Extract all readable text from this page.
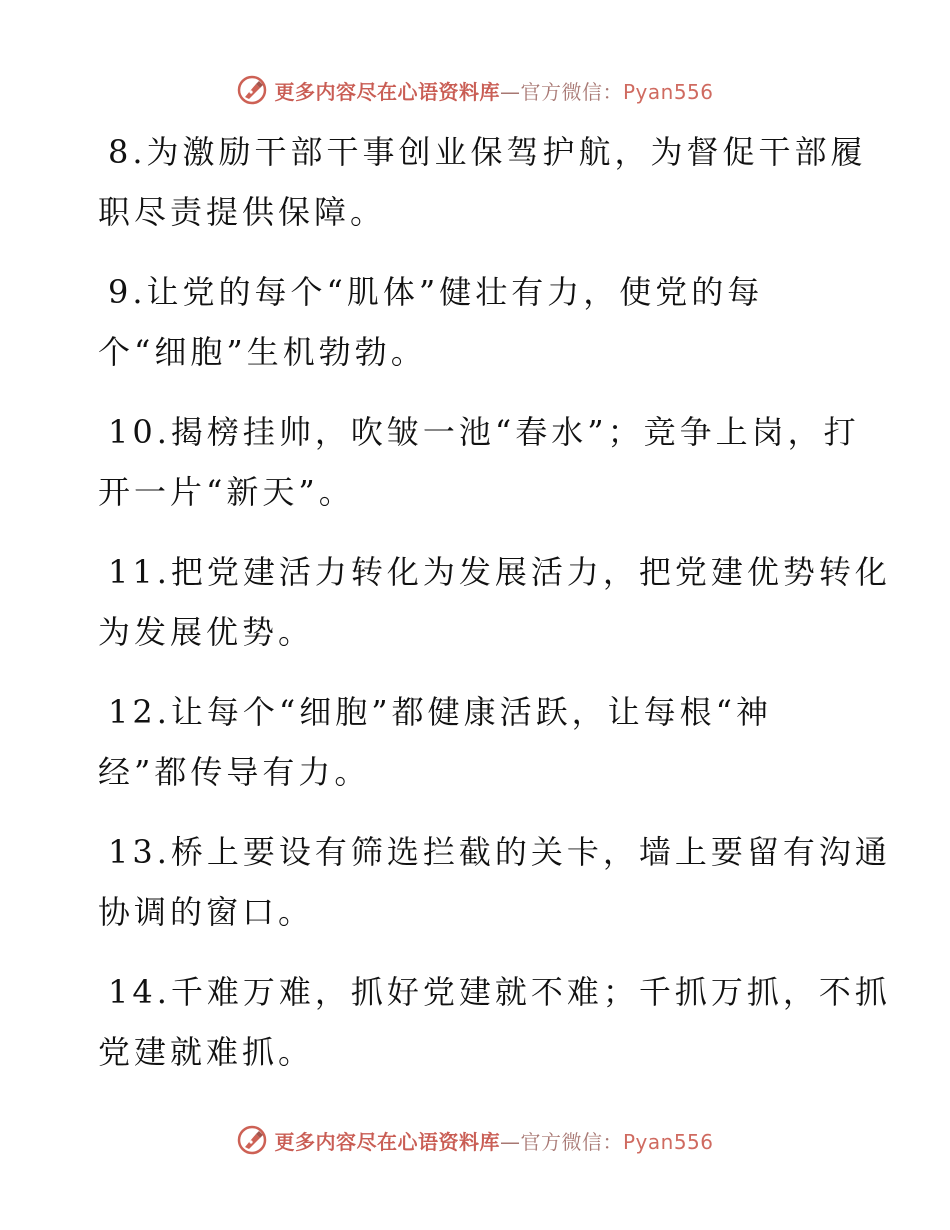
更多内容尽在心语资料库—官方微信：Pyan556
8.为激励干部干事创业保驾护航，为督促干部履
职尽责提供保障。
9.让党的每个“肌体”健壮有力，使党的每
个“细胞”生机勃勃。
10.揭榜挂帅，吹皱一池“春水”；竞争上岗，打
开一片“新天”。
11.把党建活力转化为发展活力，把党建优势转化
为发展优势。
12.让每个“细胞”都健康活跃，让每根“神
经”都传导有力。
13.桥上要设有筛选拦截的关卡，墙上要留有沟通
协调的窗口。
14.千难万难，抓好党建就不难；千抓万抓，不抓
党建就难抓。
更多内容尽在心语资料库—官方微信：Pyan556
